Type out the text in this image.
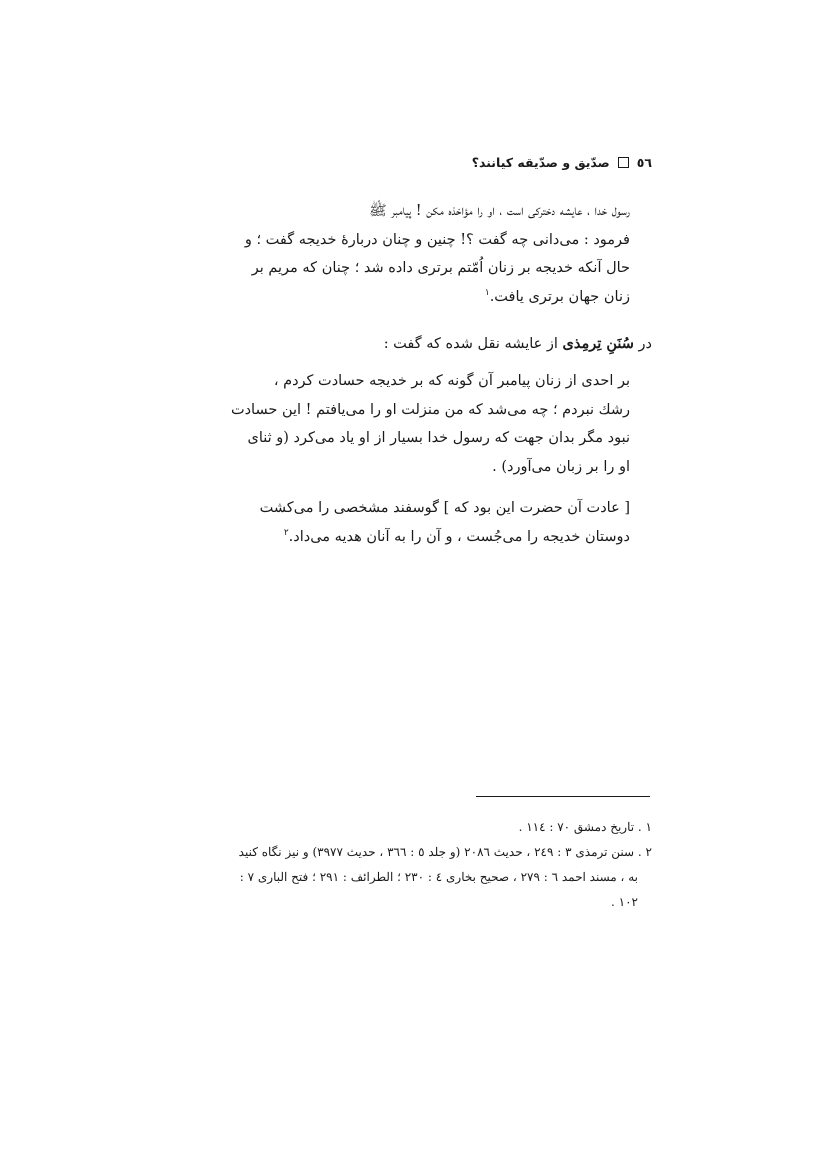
٥٦
صدّيق و صدّيقه كيانند؟

رسول خدا ، عايشه دختركى است ، او را مؤاخذه مكن ! پيامبر ﷺ

فرمود : مى‌دانى چه گفت ؟! چنين و چنان دربارهٔ خديجه گفت ؛ و

حال آنكه خديجه بر زنان اُمّتم برترى داده شد ؛ چنان كه مريم بر

زنان جهان برترى يافت.$^١$

در سُنَنِ تِرمِذى از عايشه نقل شده كه گفت :

بر احدى از زنان پيامبر آن گونه كه بر خديجه حسادت كردم ،

رشك نبردم ؛ چه مى‌شد كه من منزلت او را مى‌يافتم ! اين حسادت

نبود مگر بدان جهت كه رسول خدا بسيار از او ياد مى‌كرد (و ثناى

او را بر زبان مى‌آورد) .

[ عادت آن حضرت اين بود كه ] گوسفند مشخصى را مى‌كشت

دوستان خديجه را مى‌جُست ، و آن را به آنان هديه مى‌داد.$^٢$

١ . تاريخ دمشق ٧٠ : ١١٤ .

٢ . سنن ترمذى ٣ : ٢٤٩ ، حديث ٢٠٨٦ (و جلد ٥ : ٣٦٦ ، حديث ٣٩٧٧) و نيز نگاه كنيد

به ، مسند احمد ٦ : ٢٧٩ ، صحيح بخارى ٤ : ٢٣٠ ؛ الطرائف : ٢٩١ ؛ فتح البارى ٧ :

١٠٢ .
